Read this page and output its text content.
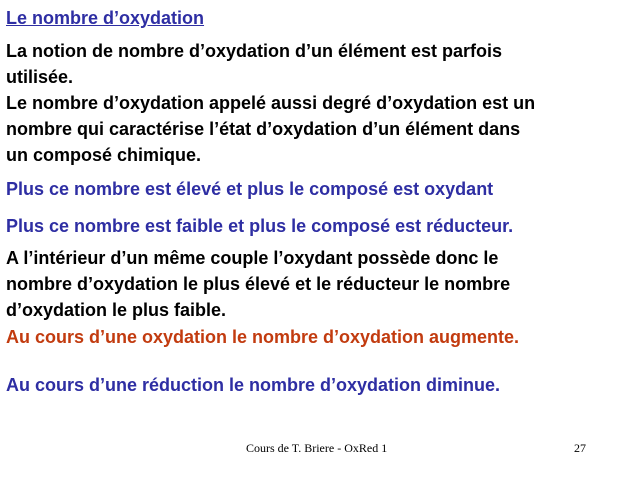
Le nombre d’oxydation
La notion de nombre d’oxydation d’un élément est parfois
utilisée.
Le nombre d’oxydation appelé aussi degré d’oxydation est un
nombre qui caractérise l’état d’oxydation d’un élément dans
un composé chimique.
Plus ce nombre est élevé et plus le composé est oxydant
Plus ce nombre est faible et plus le composé est réducteur.
A l’intérieur d’un même couple l’oxydant possède donc le
nombre d’oxydation le plus élevé et le réducteur le nombre
d’oxydation le plus faible.
Au cours d’une oxydation le nombre d’oxydation augmente.
Au cours d’une réduction le nombre d’oxydation diminue.
Cours de T. Briere - OxRed 1	27
